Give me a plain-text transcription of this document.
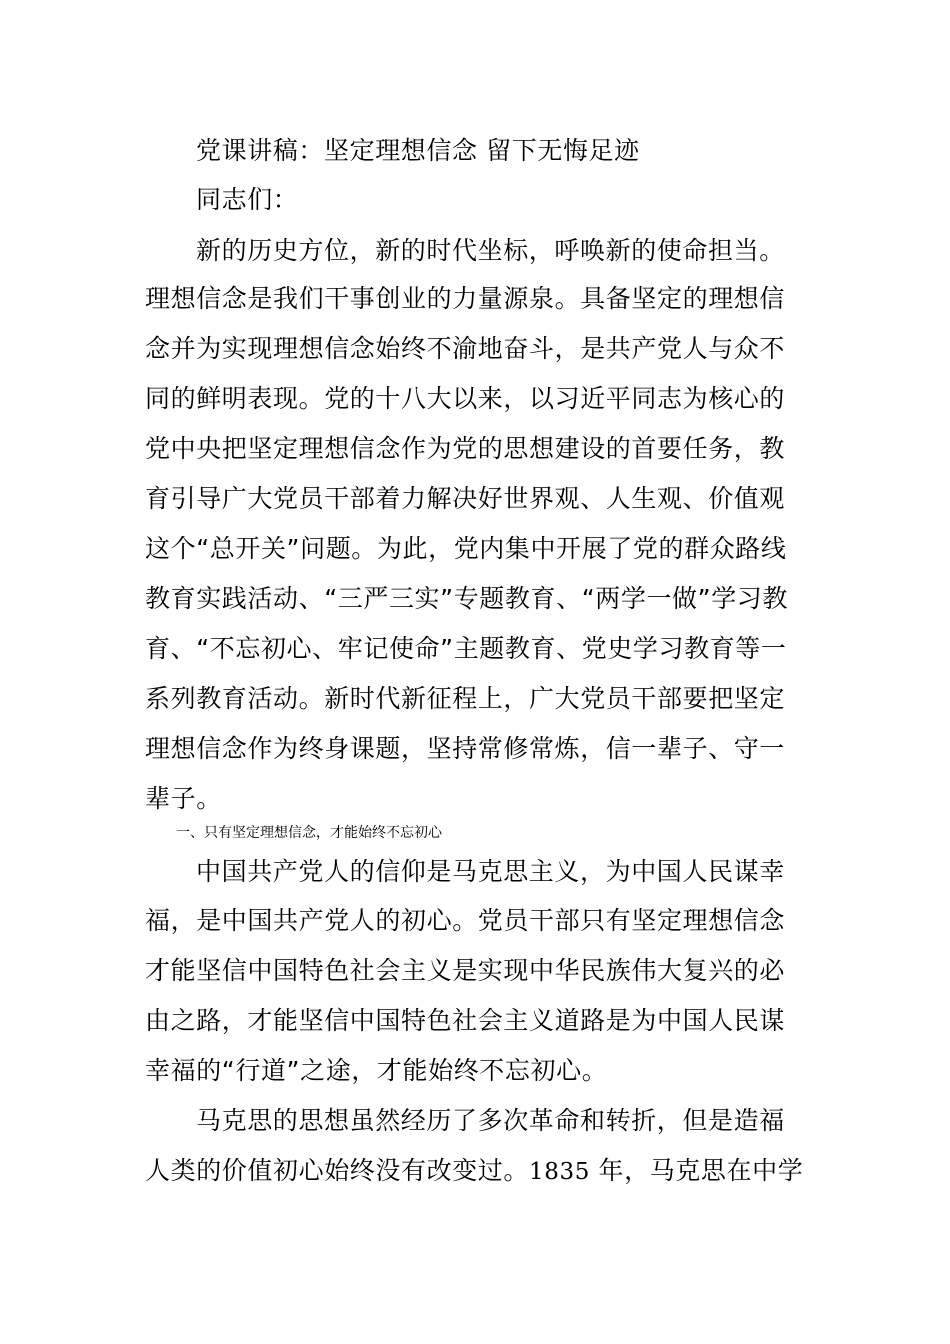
党课讲稿：坚定理想信念 留下无悔足迹
同志们：
新的历史方位，新的时代坐标，呼唤新的使命担当。
理想信念是我们干事创业的力量源泉。具备坚定的理想信
念并为实现理想信念始终不渝地奋斗，是共产党人与众不
同的鲜明表现。党的十八大以来，以习近平同志为核心的
党中央把坚定理想信念作为党的思想建设的首要任务，教
育引导广大党员干部着力解决好世界观、人生观、价值观
这个“总开关”问题。为此，党内集中开展了党的群众路线
教育实践活动、“三严三实”专题教育、“两学一做”学习教
育、“不忘初心、牢记使命”主题教育、党史学习教育等一
系列教育活动。新时代新征程上，广大党员干部要把坚定
理想信念作为终身课题，坚持常修常炼，信一辈子、守一
辈子。
一、只有坚定理想信念，才能始终不忘初心
中国共产党人的信仰是马克思主义，为中国人民谋幸
福，是中国共产党人的初心。党员干部只有坚定理想信念
才能坚信中国特色社会主义是实现中华民族伟大复兴的必
由之路，才能坚信中国特色社会主义道路是为中国人民谋
幸福的“行道”之途，才能始终不忘初心。
马克思的思想虽然经历了多次革命和转折，但是造福
人类的价值初心始终没有改变过。1835 年，马克思在中学
